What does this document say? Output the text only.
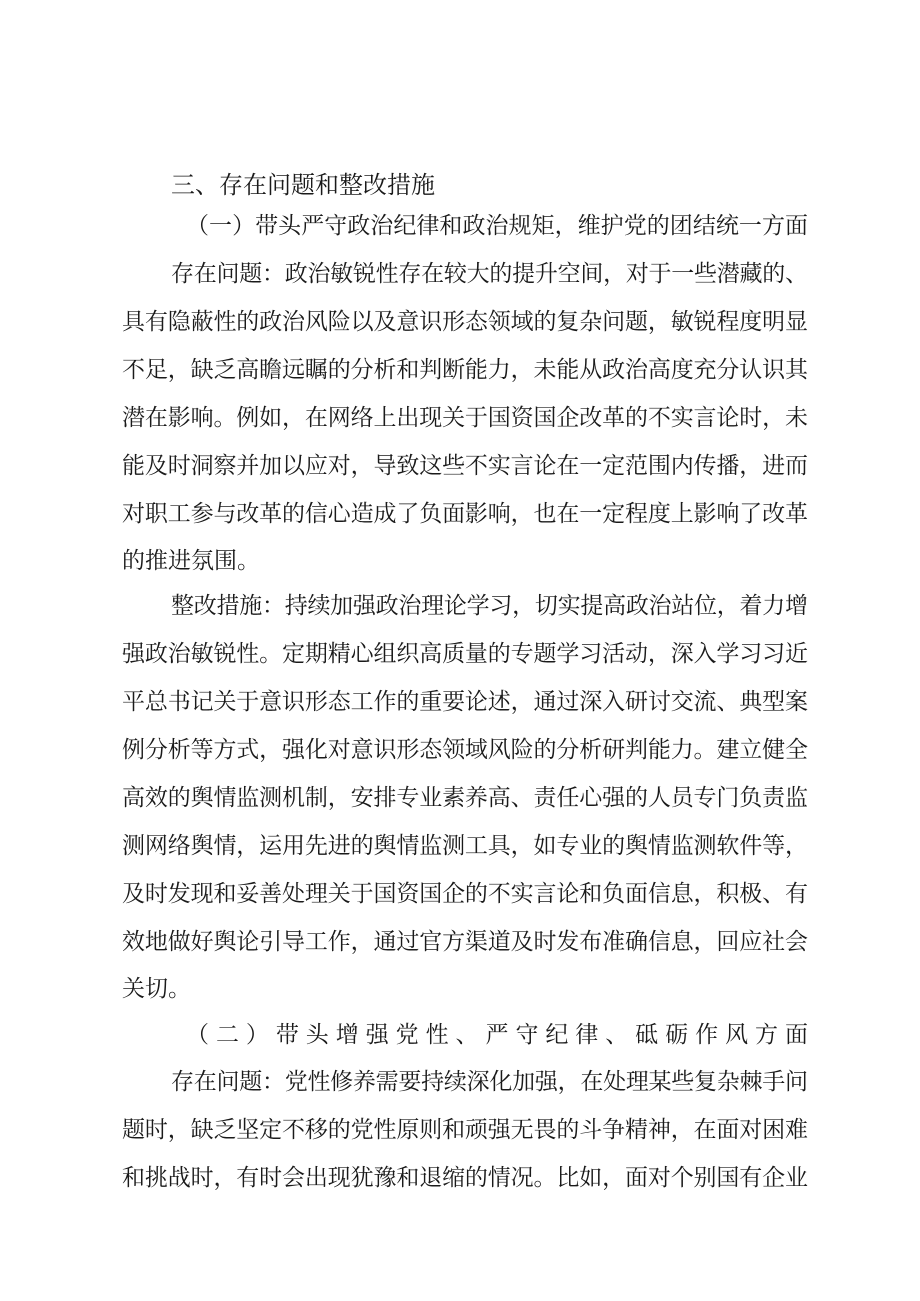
三、存在问题和整改措施

（一）带头严守政治纪律和政治规矩，维护党的团结统一方面

存在问题：政治敏锐性存在较大的提升空间，对于一些潜藏的、

具有隐蔽性的政治风险以及意识形态领域的复杂问题，敏锐程度明显

不足，缺乏高瞻远瞩的分析和判断能力，未能从政治高度充分认识其

潜在影响。例如，在网络上出现关于国资国企改革的不实言论时，未

能及时洞察并加以应对，导致这些不实言论在一定范围内传播，进而

对职工参与改革的信心造成了负面影响，也在一定程度上影响了改革

的推进氛围。

整改措施：持续加强政治理论学习，切实提高政治站位，着力增

强政治敏锐性。定期精心组织高质量的专题学习活动，深入学习习近

平总书记关于意识形态工作的重要论述，通过深入研讨交流、典型案

例分析等方式，强化对意识形态领域风险的分析研判能力。建立健全

高效的舆情监测机制，安排专业素养高、责任心强的人员专门负责监

测网络舆情，运用先进的舆情监测工具，如专业的舆情监测软件等，

及时发现和妥善处理关于国资国企的不实言论和负面信息，积极、有

效地做好舆论引导工作，通过官方渠道及时发布准确信息，回应社会

关切。

（二）带头增强党性、严守纪律、砥砺作风方面

存在问题：党性修养需要持续深化加强，在处理某些复杂棘手问

题时，缺乏坚定不移的党性原则和顽强无畏的斗争精神，在面对困难

和挑战时，有时会出现犹豫和退缩的情况。比如，面对个别国有企业
